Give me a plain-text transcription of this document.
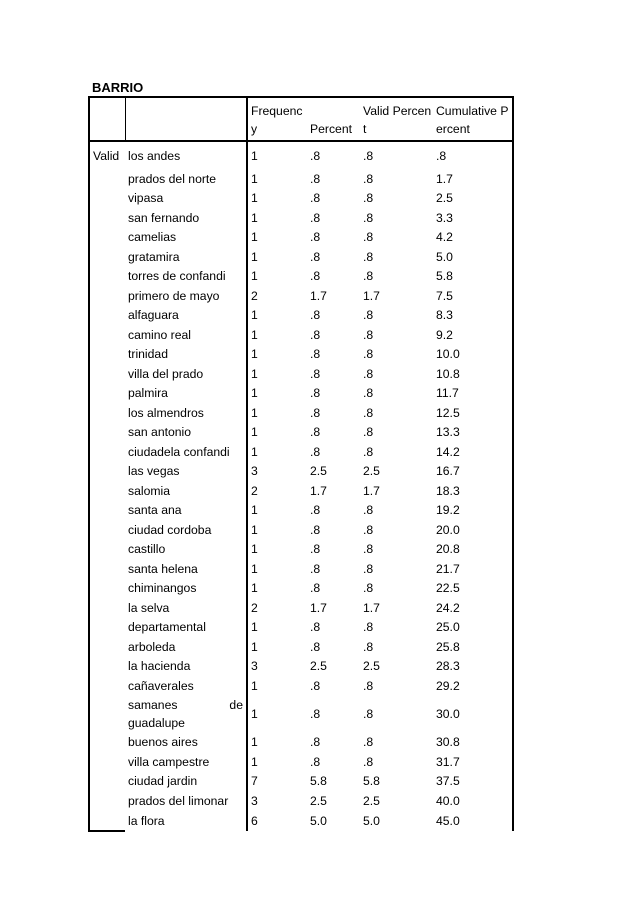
BARRIO
		Frequency	Percent	Valid Percent	Cumulative Percent
Valid	los andes	1	.8	.8	.8
	prados del norte	1	.8	.8	1.7
	vipasa	1	.8	.8	2.5
	san fernando	1	.8	.8	3.3
	camelias	1	.8	.8	4.2
	gratamira	1	.8	.8	5.0
	torres de confandi	1	.8	.8	5.8
	primero de mayo	2	1.7	1.7	7.5
	alfaguara	1	.8	.8	8.3
	camino real	1	.8	.8	9.2
	trinidad	1	.8	.8	10.0
	villa del prado	1	.8	.8	10.8
	palmira	1	.8	.8	11.7
	los almendros	1	.8	.8	12.5
	san antonio	1	.8	.8	13.3
	ciudadela confandi	1	.8	.8	14.2
	las vegas	3	2.5	2.5	16.7
	salomia	2	1.7	1.7	18.3
	santa ana	1	.8	.8	19.2
	ciudad cordoba	1	.8	.8	20.0
	castillo	1	.8	.8	20.8
	santa helena	1	.8	.8	21.7
	chiminangos	1	.8	.8	22.5
	la selva	2	1.7	1.7	24.2
	departamental	1	.8	.8	25.0
	arboleda	1	.8	.8	25.8
	la hacienda	3	2.5	2.5	28.3
	cañaverales	1	.8	.8	29.2
	samanes de guadalupe	1	.8	.8	30.0
	buenos aires	1	.8	.8	30.8
	villa campestre	1	.8	.8	31.7
	ciudad jardin	7	5.8	5.8	37.5
	prados del limonar	3	2.5	2.5	40.0
	la flora	6	5.0	5.0	45.0
